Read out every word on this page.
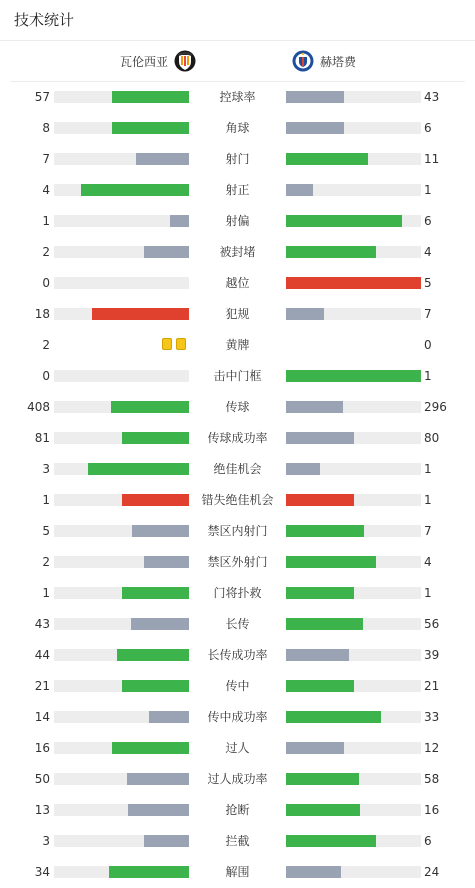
技术统计
瓦伦西亚	赫塔费
57	控球率	43
8	角球	6
7	射门	11
4	射正	1
1	射偏	6
2	被封堵	4
0	越位	5
18	犯规	7
2	黄牌	0
0	击中门框	1
408	传球	296
81	传球成功率	80
3	绝佳机会	1
1	错失绝佳机会	1
5	禁区内射门	7
2	禁区外射门	4
1	门将扑救	1
43	长传	56
44	长传成功率	39
21	传中	21
14	传中成功率	33
16	过人	12
50	过人成功率	58
13	抢断	16
3	拦截	6
34	解围	24
